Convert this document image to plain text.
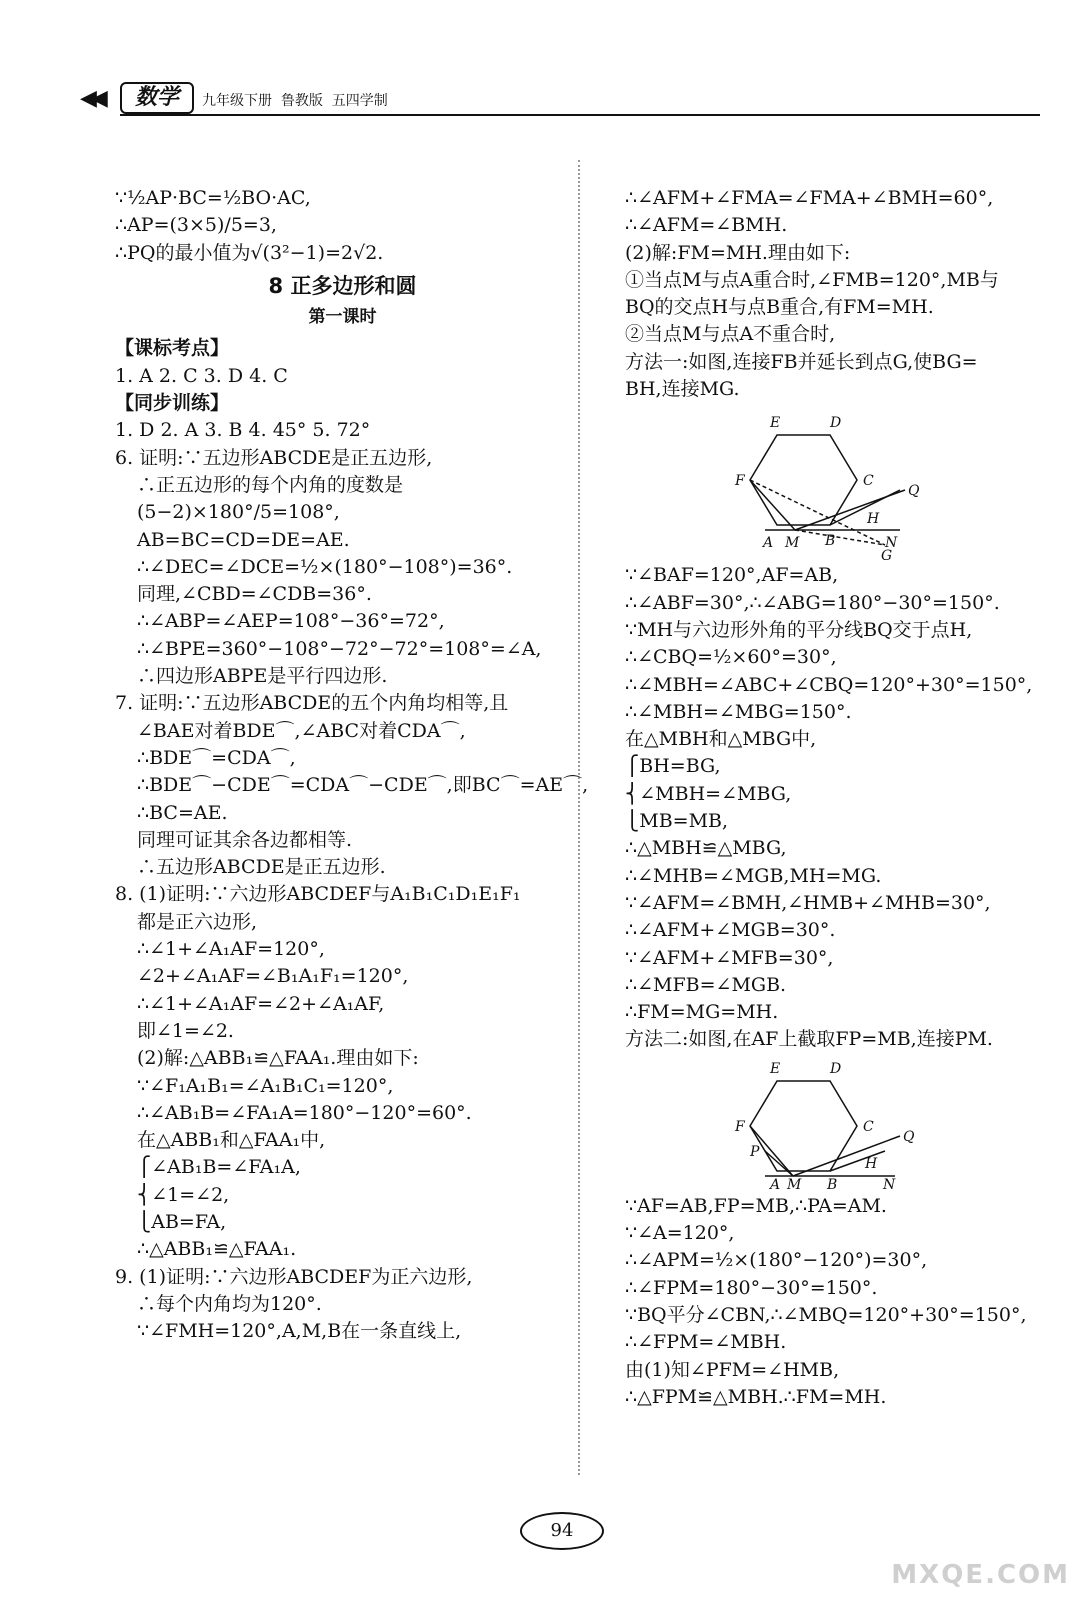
◀◀	数学	九年级下册  鲁教版  五四学制
∵½AP·BC=½BO·AC,
∴AP=(3×5)/5=3,
∴PQ的最小值为√(3²−1)=2√2.
8 正多边形和圆
第一课时
【课标考点】
1. A 2. C 3. D 4. C
【同步训练】
1. D 2. A 3. B 4. 45° 5. 72°
6. 证明:∵五边形ABCDE是正五边形,
∴正五边形的每个内角的度数是
(5−2)×180°/5=108°,
AB=BC=CD=DE=AE.
∴∠DEC=∠DCE=½×(180°−108°)=36°.
同理,∠CBD=∠CDB=36°.
∴∠ABP=∠AEP=108°−36°=72°,
∴∠BPE=360°−108°−72°−72°=108°=∠A,
∴四边形ABPE是平行四边形.
7. 证明:∵五边形ABCDE的五个内角均相等,且
∠BAE对着BDE⌒,∠ABC对着CDA⌒,
∴BDE⌒=CDA⌒,
∴BDE⌒−CDE⌒=CDA⌒−CDE⌒,即BC⌒=AE⌒,
∴BC=AE.
同理可证其余各边都相等.
∴五边形ABCDE是正五边形.
8. (1)证明:∵六边形ABCDEF与A₁B₁C₁D₁E₁F₁
都是正六边形,
∴∠1+∠A₁AF=120°,
∠2+∠A₁AF=∠B₁A₁F₁=120°,
∴∠1+∠A₁AF=∠2+∠A₁AF,
即∠1=∠2.
(2)解:△ABB₁≌△FAA₁.理由如下:
∵∠F₁A₁B₁=∠A₁B₁C₁=120°,
∴∠AB₁B=∠FA₁A=180°−120°=60°.
在△ABB₁和△FAA₁中,
⎧∠AB₁B=∠FA₁A,
⎨∠1=∠2,
⎩AB=FA,
∴△ABB₁≌△FAA₁.
9. (1)证明:∵六边形ABCDEF为正六边形,
∴每个内角均为120°.
∵∠FMH=120°,A,M,B在一条直线上,
∴∠AFM+∠FMA=∠FMA+∠BMH=60°,
∴∠AFM=∠BMH.
(2)解:FM=MH.理由如下:
①当点M与点A重合时,∠FMB=120°,MB与
BQ的交点H与点B重合,有FM=MH.
②当点M与点A不重合时,
方法一:如图,连接FB并延长到点G,使BG=
BH,连接MG.
E	D
F	C
Q
H
A M B	N
G
∵∠BAF=120°,AF=AB,
∴∠ABF=30°,∴∠ABG=180°−30°=150°.
∵MH与六边形外角的平分线BQ交于点H,
∴∠CBQ=½×60°=30°,
∴∠MBH=∠ABC+∠CBQ=120°+30°=150°,
∴∠MBH=∠MBG=150°.
在△MBH和△MBG中,
⎧BH=BG,
⎨∠MBH=∠MBG,
⎩MB=MB,
∴△MBH≌△MBG,
∴∠MHB=∠MGB,MH=MG.
∵∠AFM=∠BMH,∠HMB+∠MHB=30°,
∴∠AFM+∠MGB=30°.
∵∠AFM+∠MFB=30°,
∴∠MFB=∠MGB.
∴FM=MG=MH.
方法二:如图,在AF上截取FP=MB,连接PM.
E	D
F	C
Q
P
H
A M B	N
∵AF=AB,FP=MB,∴PA=AM.
∵∠A=120°,
∴∠APM=½×(180°−120°)=30°,
∴∠FPM=180°−30°=150°.
∵BQ平分∠CBN,∴∠MBQ=120°+30°=150°,
∴∠FPM=∠MBH.
由(1)知∠PFM=∠HMB,
∴△FPM≌△MBH.∴FM=MH.
94
MXQE.COM
